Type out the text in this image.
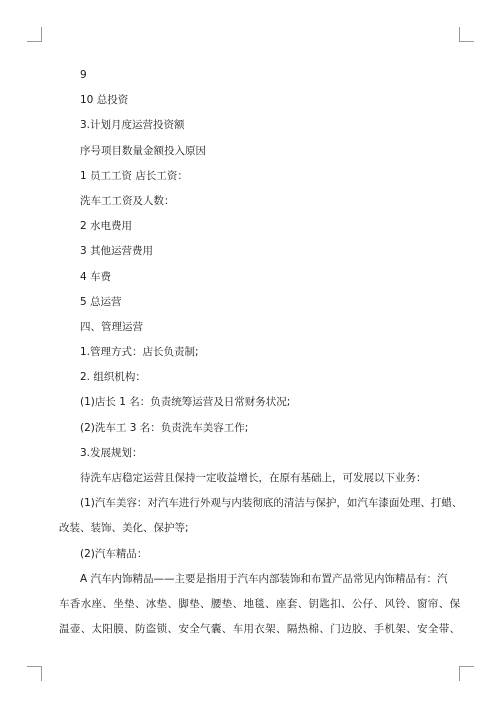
9
10 总投资
3.计划月度运营投资额
序号项目数量金额投入原因
1 员工工资 店长工资：
洗车工工资及人数：
2 水电费用
3 其他运营费用
4 车费
5 总运营
四、管理运营
1.管理方式：店长负责制;
2. 组织机构：
(1)店长 1 名：负责统筹运营及日常财务状况;
(2)洗车工 3 名：负责洗车美容工作;
3.发展规划：
待洗车店稳定运营且保持一定收益增长，在原有基础上，可发展以下业务：
(1)汽车美容：对汽车进行外观与内装彻底的清洁与保护，如汽车漆面处理、打蜡、
改装、装饰、美化、保护等;
(2)汽车精品：
A 汽车内饰精品——主要是指用于汽车内部装饰和布置产品常见内饰精品有：汽
车香水座、坐垫、冰垫、脚垫、腰垫、地毯、座套、钥匙扣、公仔、风铃、窗帘、保
温壶、太阳膜、防盗锁、安全气囊、车用衣架、隔热棉、门边胶、手机架、安全带、
